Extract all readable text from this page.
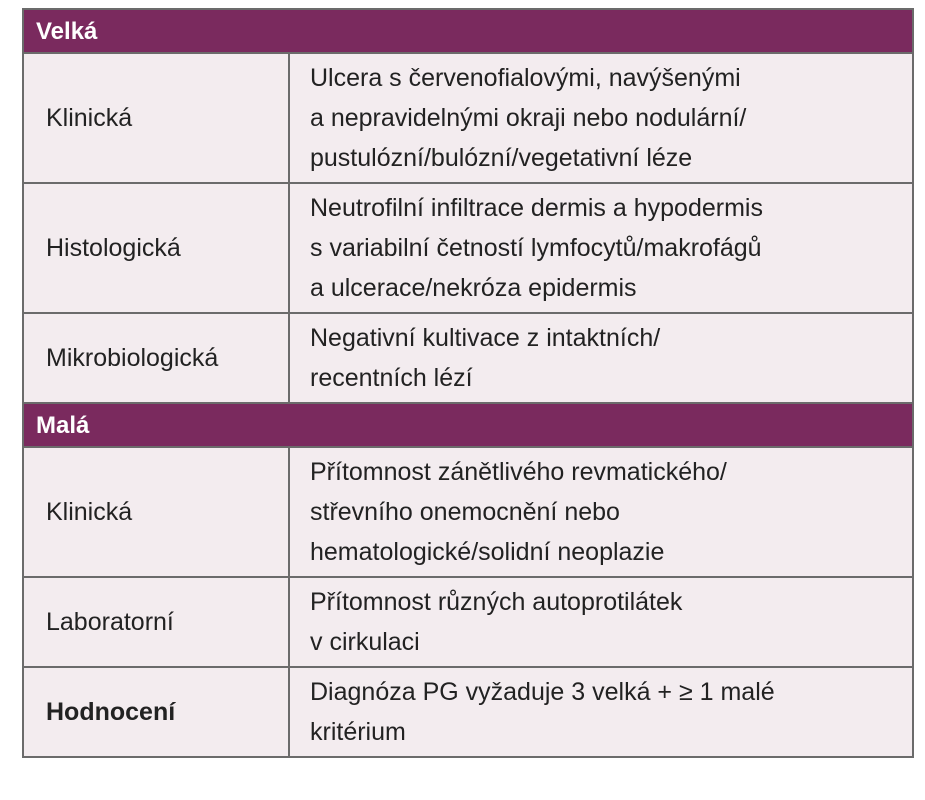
Velká
Klinická
Ulcera s červenofialovými, navýšenými
a nepravidelnými okraji nebo nodulární/
pustulózní/bulózní/vegetativní léze
Histologická
Neutrofilní infiltrace dermis a hypodermis
s variabilní četností lymfocytů/makrofágů
a ulcerace/nekróza epidermis
Mikrobiologická
Negativní kultivace z intaktních/
recentních lézí
Malá
Klinická
Přítomnost zánětlivého revmatického/
střevního onemocnění nebo
hematologické/solidní neoplazie
Laboratorní
Přítomnost různých autoprotilátek
v cirkulaci
Hodnocení
Diagnóza PG vyžaduje 3 velká + ≥ 1 malé
kritérium
